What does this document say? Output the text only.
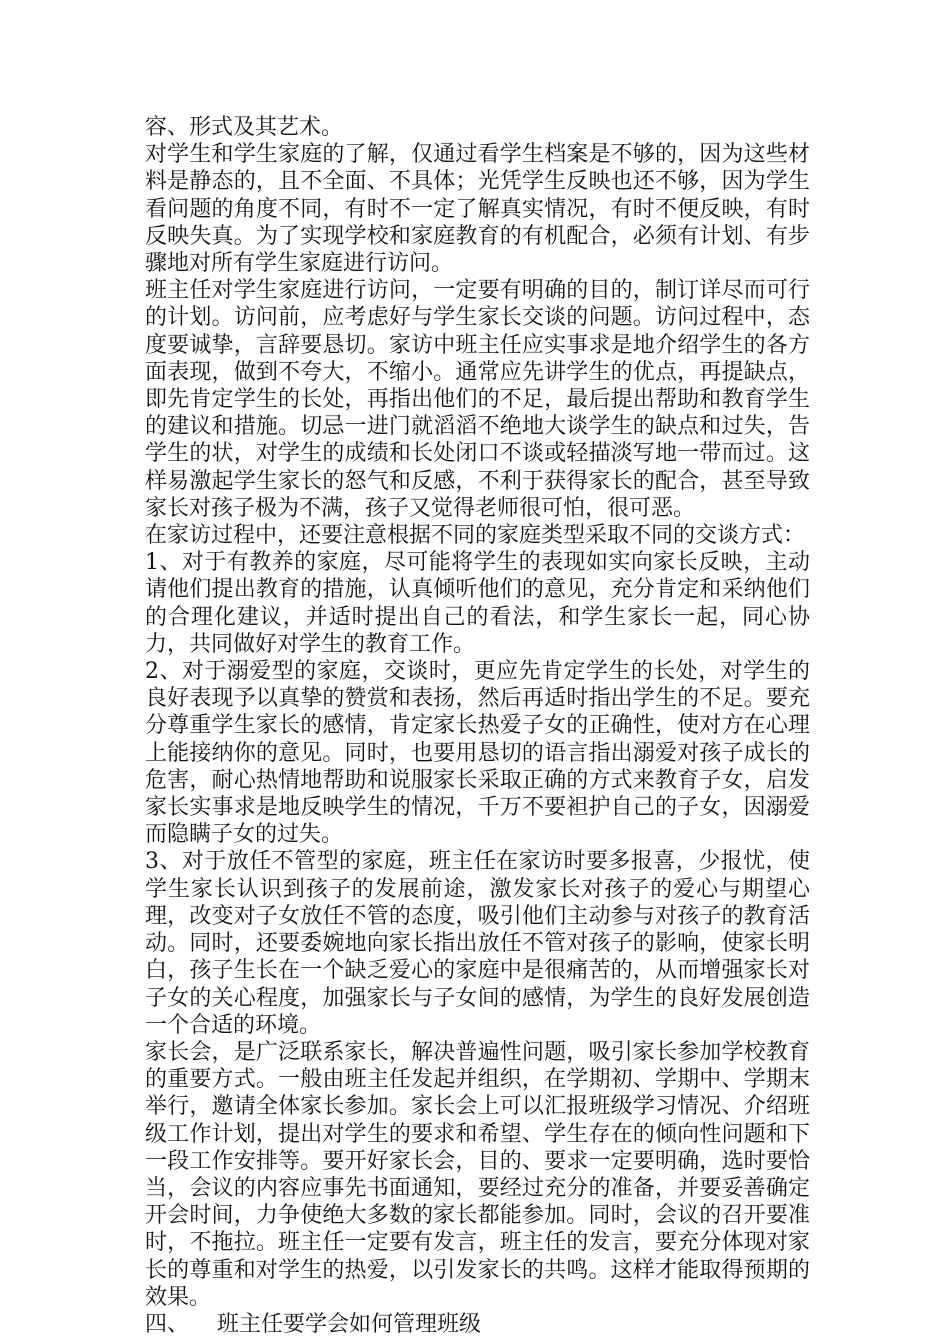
容、形式及其艺术。

对学生和学生家庭的了解，仅通过看学生档案是不够的，因为这些材料是静态的，且不全面、不具体；光凭学生反映也还不够，因为学生看问题的角度不同，有时不一定了解真实情况，有时不便反映，有时反映失真。为了实现学校和家庭教育的有机配合，必须有计划、有步骤地对所有学生家庭进行访问。

班主任对学生家庭进行访问，一定要有明确的目的，制订详尽而可行的计划。访问前，应考虑好与学生家长交谈的问题。访问过程中，态度要诚挚，言辞要恳切。家访中班主任应实事求是地介绍学生的各方面表现，做到不夸大，不缩小。通常应先讲学生的优点，再提缺点，即先肯定学生的长处，再指出他们的不足，最后提出帮助和教育学生的建议和措施。切忌一进门就滔滔不绝地大谈学生的缺点和过失，告学生的状，对学生的成绩和长处闭口不谈或轻描淡写地一带而过。这样易激起学生家长的怒气和反感，不利于获得家长的配合，甚至导致家长对孩子极为不满，孩子又觉得老师很可怕，很可恶。

在家访过程中，还要注意根据不同的家庭类型采取不同的交谈方式：

1、对于有教养的家庭，尽可能将学生的表现如实向家长反映，主动请他们提出教育的措施，认真倾听他们的意见，充分肯定和采纳他们的合理化建议，并适时提出自己的看法，和学生家长一起，同心协力，共同做好对学生的教育工作。

2、对于溺爱型的家庭，交谈时，更应先肯定学生的长处，对学生的良好表现予以真挚的赞赏和表扬，然后再适时指出学生的不足。要充分尊重学生家长的感情，肯定家长热爱子女的正确性，使对方在心理上能接纳你的意见。同时，也要用恳切的语言指出溺爱对孩子成长的危害，耐心热情地帮助和说服家长采取正确的方式来教育子女，启发家长实事求是地反映学生的情况，千万不要袒护自己的子女，因溺爱而隐瞒子女的过失。

3、对于放任不管型的家庭，班主任在家访时要多报喜，少报忧，使学生家长认识到孩子的发展前途，激发家长对孩子的爱心与期望心理，改变对子女放任不管的态度，吸引他们主动参与对孩子的教育活动。同时，还要委婉地向家长指出放任不管对孩子的影响，使家长明白，孩子生长在一个缺乏爱心的家庭中是很痛苦的，从而增强家长对子女的关心程度，加强家长与子女间的感情，为学生的良好发展创造一个合适的环境。

家长会，是广泛联系家长，解决普遍性问题，吸引家长参加学校教育的重要方式。一般由班主任发起并组织，在学期初、学期中、学期末举行，邀请全体家长参加。家长会上可以汇报班级学习情况、介绍班级工作计划，提出对学生的要求和希望、学生存在的倾向性问题和下一段工作安排等。要开好家长会，目的、要求一定要明确，选时要恰当，会议的内容应事先书面通知，要经过充分的准备，并要妥善确定开会时间，力争使绝大多数的家长都能参加。同时，会议的召开要准时，不拖拉。班主任一定要有发言，班主任的发言，要充分体现对家长的尊重和对学生的热爱，以引发家长的共鸣。这样才能取得预期的效果。

四、 班主任要学会如何管理班级
